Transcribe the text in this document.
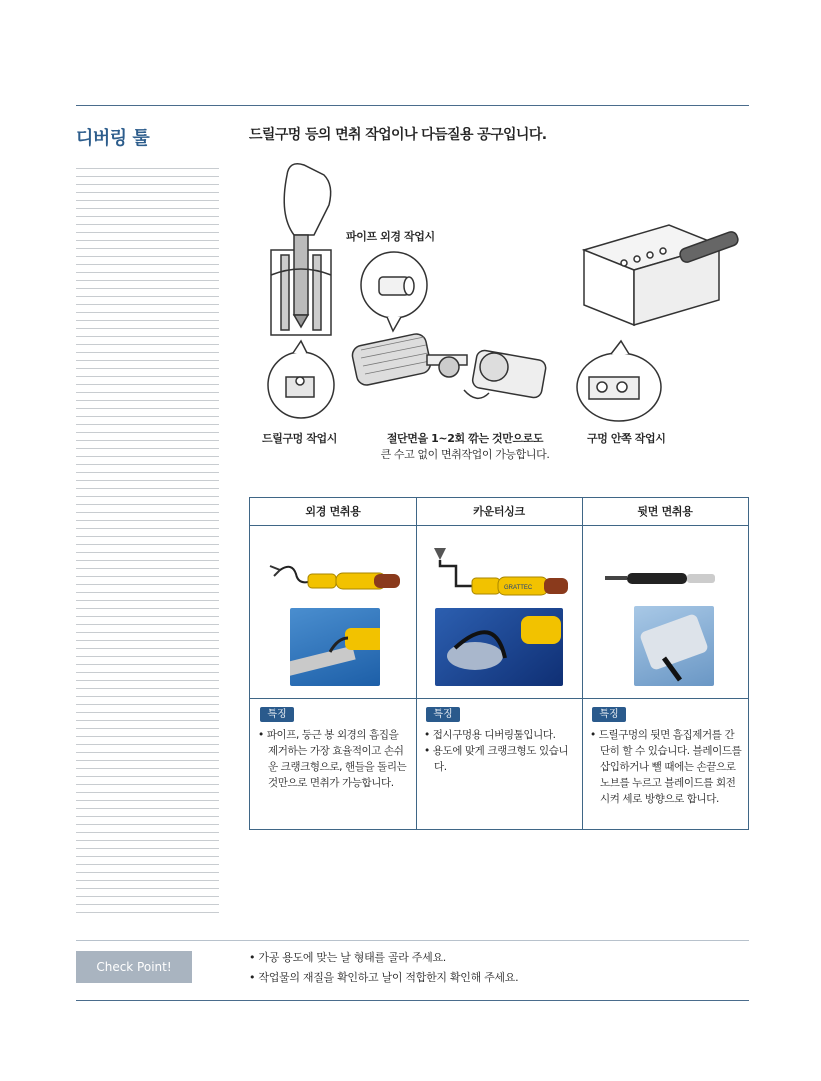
디버링 툴	드릴구멍 등의 면취 작업이나 다듬질용 공구입니다.
파이프 외경 작업시
드릴구멍 작업시	절단면을 1~2회 깎는 것만으로도
큰 수고 없이 면취작업이 가능합니다.
구멍 안쪽 작업시
외경 면취용	카운터싱크	뒷면 면취용
GRATTEC
특징
• 파이프, 둥근 봉 외경의 흠집을 제거하는 가장 효율적이고 손쉬운 크랭크형으로, 핸들을 돌리는 것만으로 면취가 가능합니다.
특징
• 접시구멍용 디버링툴입니다.
• 용도에 맞게 크랭크형도 있습니다.
특징
• 드릴구멍의 뒷면 흠집제거를 간단히 할 수 있습니다. 블레이드를 삽입하거나 뺄 때에는 손끝으로 노브를 누르고 블레이드를 회전시켜 세로 방향으로 합니다.
Check Point!
• 가공 용도에 맞는 날 형태를 골라 주세요.
• 작업물의 재질을 확인하고 날이 적합한지 확인해 주세요.
